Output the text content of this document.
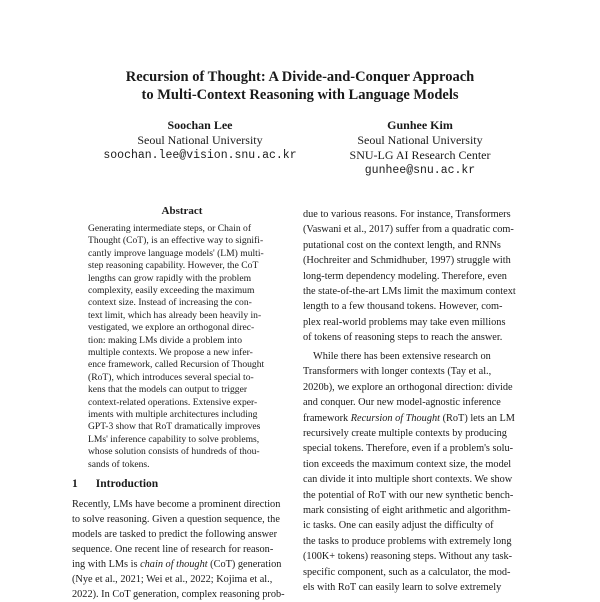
Recursion of Thought: A Divide-and-Conquer Approach
to Multi-Context Reasoning with Language Models
Soochan Lee
Seoul National University
soochan.lee@vision.snu.ac.kr
Gunhee Kim
Seoul National University
SNU-LG AI Research Center
gunhee@snu.ac.kr
Abstract
Generating intermediate steps, or Chain of
Thought (CoT), is an effective way to signifi-
cantly improve language models' (LM) multi-
step reasoning capability. However, the CoT
lengths can grow rapidly with the problem
complexity, easily exceeding the maximum
context size. Instead of increasing the con-
text limit, which has already been heavily in-
vestigated, we explore an orthogonal direc-
tion: making LMs divide a problem into
multiple contexts. We propose a new infer-
ence framework, called Recursion of Thought
(RoT), which introduces several special to-
kens that the models can output to trigger
context-related operations. Extensive exper-
iments with multiple architectures including
GPT-3 show that RoT dramatically improves
LMs' inference capability to solve problems,
whose solution consists of hundreds of thou-
sands of tokens.
1 Introduction
Recently, LMs have become a prominent direction
to solve reasoning. Given a question sequence, the
models are tasked to predict the following answer
sequence. One recent line of research for reason-
ing with LMs is chain of thought (CoT) generation
(Nye et al., 2021; Wei et al., 2022; Kojima et al.,
2022). In CoT generation, complex reasoning prob-
due to various reasons. For instance, Transformers
(Vaswani et al., 2017) suffer from a quadratic com-
putational cost on the context length, and RNNs
(Hochreiter and Schmidhuber, 1997) struggle with
long-term dependency modeling. Therefore, even
the state-of-the-art LMs limit the maximum context
length to a few thousand tokens. However, com-
plex real-world problems may take even millions
of tokens of reasoning steps to reach the answer.
While there has been extensive research on
Transformers with longer contexts (Tay et al.,
2020b), we explore an orthogonal direction: divide
and conquer. Our new model-agnostic inference
framework Recursion of Thought (RoT) lets an LM
recursively create multiple contexts by producing
special tokens. Therefore, even if a problem's solu-
tion exceeds the maximum context size, the model
can divide it into multiple short contexts. We show
the potential of RoT with our new synthetic bench-
mark consisting of eight arithmetic and algorithm-
ic tasks. One can easily adjust the difficulty of
the tasks to produce problems with extremely long
(100K+ tokens) reasoning steps. Without any task-
specific component, such as a calculator, the mod-
els with RoT can easily learn to solve extremely
